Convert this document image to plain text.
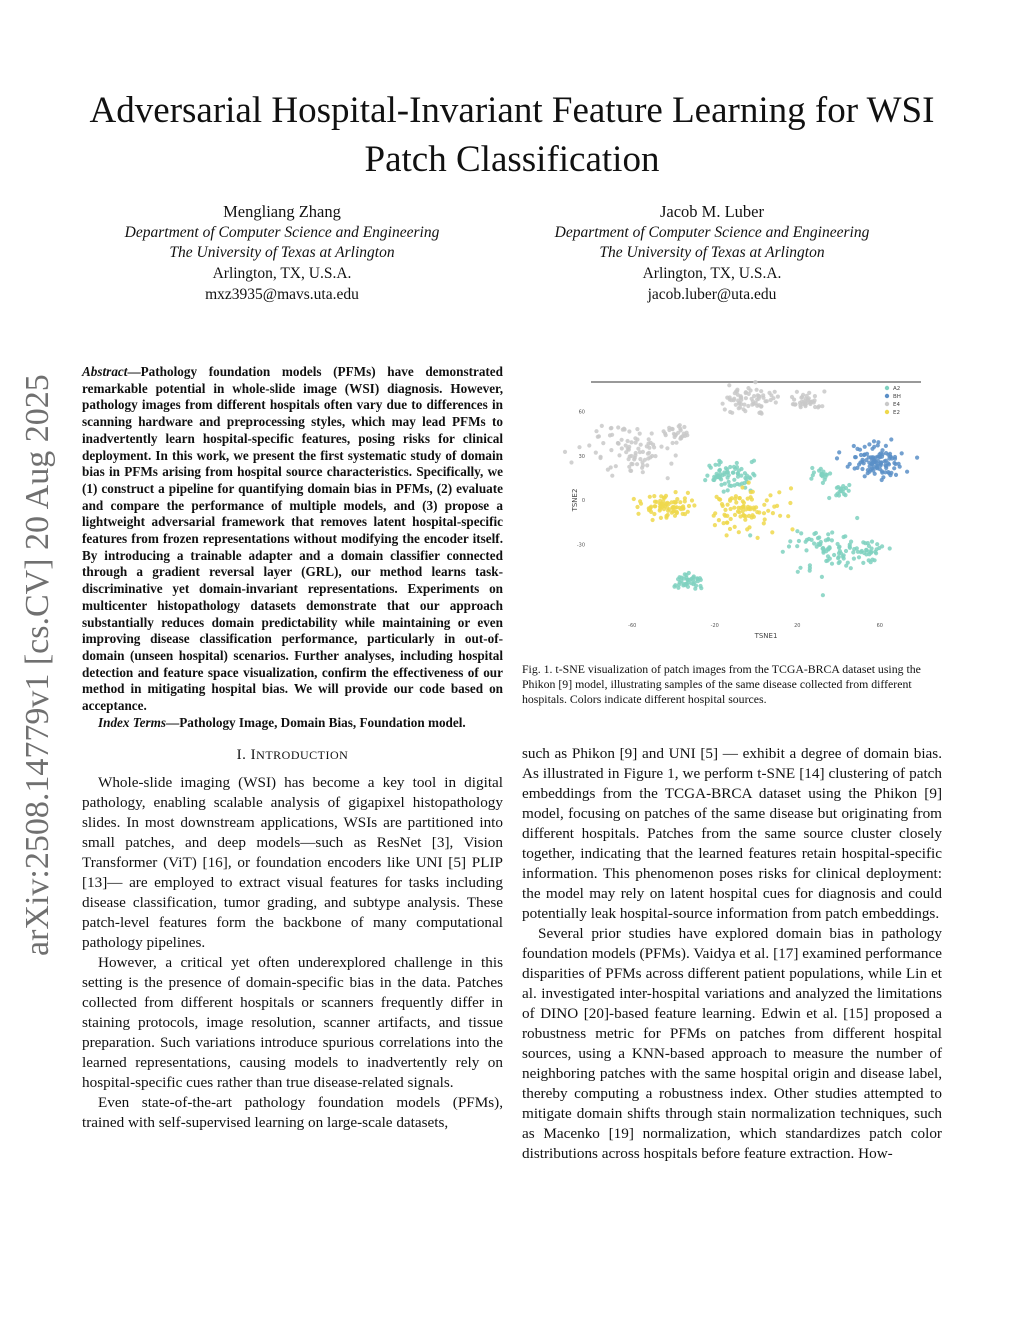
Adversarial Hospital-Invariant Feature Learning for WSI Patch Classification
arXiv:2508.14779v1 [cs.CV] 20 Aug 2025
Mengliang Zhang
Department of Computer Science and Engineering
The University of Texas at Arlington
Arlington, TX, U.S.A.
mxz3935@mavs.uta.edu
Jacob M. Luber
Department of Computer Science and Engineering
The University of Texas at Arlington
Arlington, TX, U.S.A.
jacob.luber@uta.edu

Abstract—Pathology foundation models (PFMs) have demonstrated remarkable potential in whole-slide image (WSI) diagnosis. However, pathology images from different hospitals often vary due to differences in scanning hardware and preprocessing styles, which may lead PFMs to inadvertently learn hospital-specific features, posing risks for clinical deployment. In this work, we present the first systematic study of domain bias in PFMs arising from hospital source characteristics. Specifically, we (1) construct a pipeline for quantifying domain bias in PFMs, (2) evaluate and compare the performance of multiple models, and (3) propose a lightweight adversarial framework that removes latent hospital-specific features from frozen representations without modifying the encoder itself. By introducing a trainable adapter and a domain classifier connected through a gradient reversal layer (GRL), our method learns task-discriminative yet domain-invariant representations. Experiments on multicenter histopathology datasets demonstrate that our approach substantially reduces domain predictability while maintaining or even improving disease classification performance, particularly in out-of-domain (unseen hospital) scenarios. Further analyses, including hospital detection and feature space visualization, confirm the effectiveness of our method in mitigating hospital bias. We will provide our code based on acceptance.

Index Terms—Pathology Image, Domain Bias, Foundation model.

I. INTRODUCTION

Whole-slide imaging (WSI) has become a key tool in digital pathology, enabling scalable analysis of gigapixel histopathology slides. In most downstream applications, WSIs are partitioned into small patches, and deep models—such as ResNet [3], Vision Transformer (ViT) [16], or foundation encoders like UNI [5] PLIP [13]— are employed to extract visual features for tasks including disease classification, tumor grading, and subtype analysis. These patch-level features form the backbone of many computational pathology pipelines.

However, a critical yet often underexplored challenge in this setting is the presence of domain-specific bias in the data. Patches collected from different hospitals or scanners frequently differ in staining protocols, image resolution, scanner artifacts, and tissue preparation. Such variations introduce spurious correlations into the learned representations, causing models to inadvertently rely on hospital-specific cues rather than true disease-related signals.

Even state-of-the-art pathology foundation models (PFMs), trained with self-supervised learning on large-scale datasets,

-60	-20	20	60
60
30
0
-30
TSNE1
TSNE2
A2
BH
E4
E2
Fig. 1. t-SNE visualization of patch images from the TCGA-BRCA dataset using the Phikon [9] model, illustrating samples of the same disease collected from different hospitals. Colors indicate different hospital sources.

such as Phikon [9] and UNI [5] — exhibit a degree of domain bias. As illustrated in Figure 1, we perform t-SNE [14] clustering of patch embeddings from the TCGA-BRCA dataset using the Phikon [9] model, focusing on patches of the same disease but originating from different hospitals. Patches from the same source cluster closely together, indicating that the learned features retain hospital-specific information. This phenomenon poses risks for clinical deployment: the model may rely on latent hospital cues for diagnosis and could potentially leak hospital-source information from patch embeddings.

Several prior studies have explored domain bias in pathology foundation models (PFMs). Vaidya et al. [17] examined performance disparities of PFMs across different patient populations, while Lin et al. investigated inter-hospital variations and analyzed the limitations of DINO [20]-based feature learning. Edwin et al. [15] proposed a robustness metric for PFMs on patches from different hospital sources, using a KNN-based approach to measure the number of neighboring patches with the same hospital origin and disease label, thereby computing a robustness index. Other studies attempted to mitigate domain shifts through stain normalization techniques, such as Macenko [19] normalization, which standardizes patch color distributions across hospitals before feature extraction. How-
